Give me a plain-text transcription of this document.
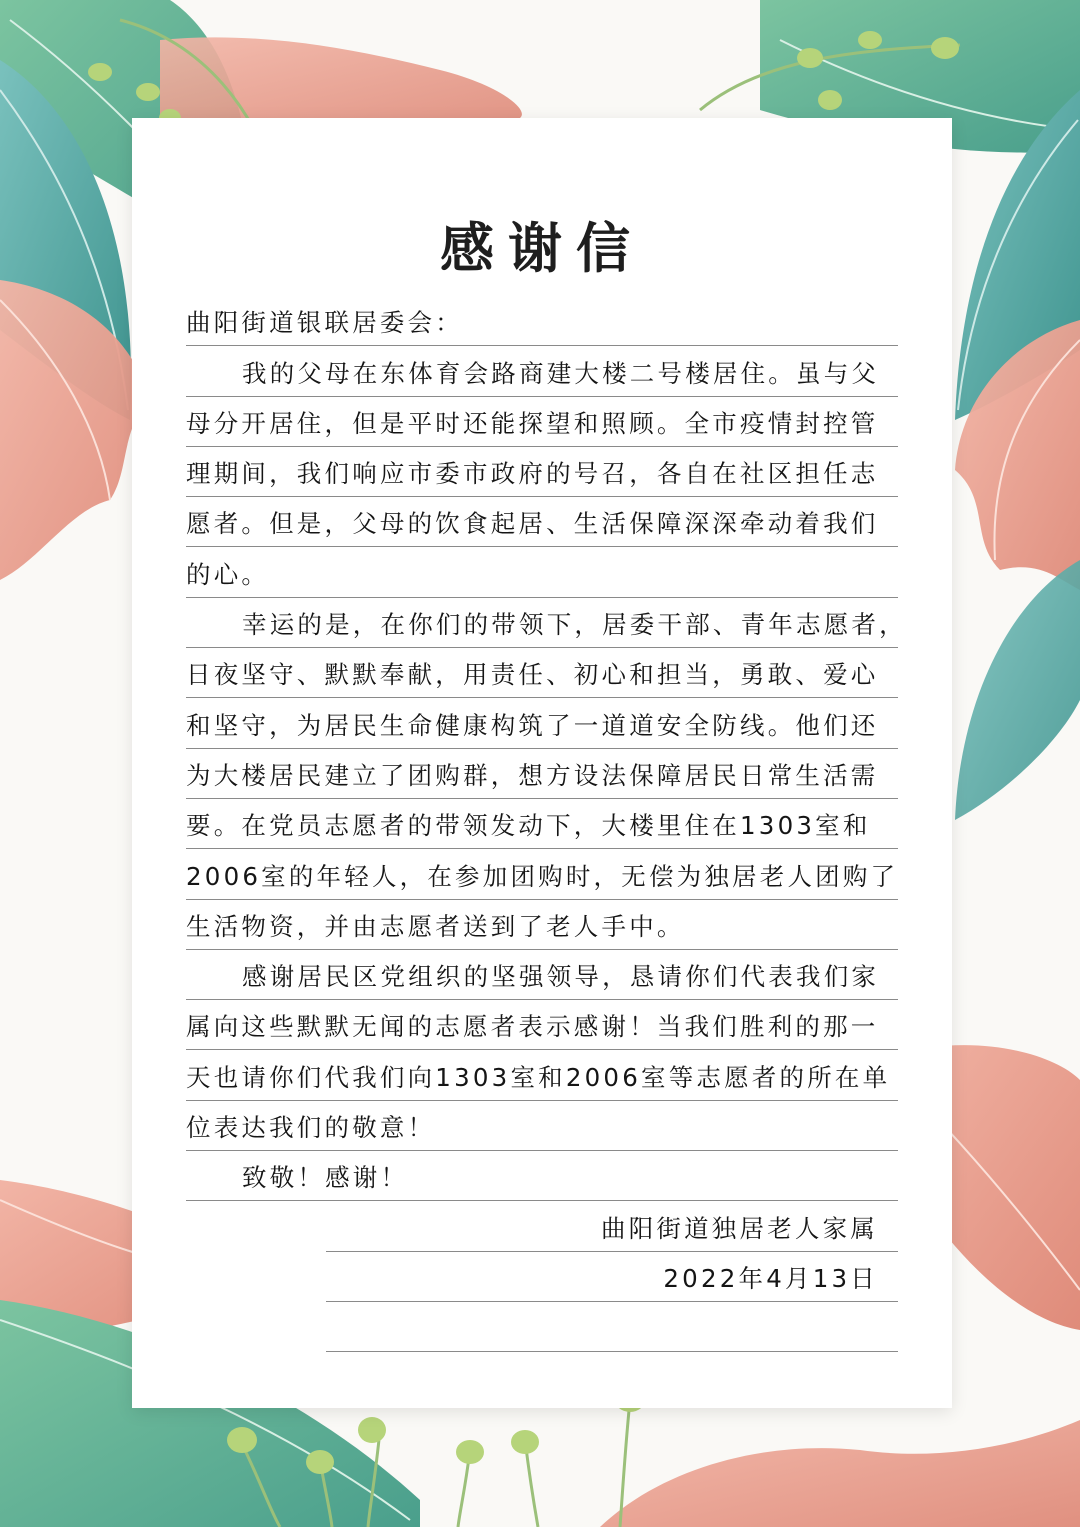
感谢信
曲阳街道银联居委会：
我的父母在东体育会路商建大楼二号楼居住。虽与父
母分开居住，但是平时还能探望和照顾。全市疫情封控管
理期间，我们响应市委市政府的号召，各自在社区担任志
愿者。但是，父母的饮食起居、生活保障深深牵动着我们
的心。
幸运的是，在你们的带领下，居委干部、青年志愿者，
日夜坚守、默默奉献，用责任、初心和担当，勇敢、爱心
和坚守，为居民生命健康构筑了一道道安全防线。他们还
为大楼居民建立了团购群，想方设法保障居民日常生活需
要。在党员志愿者的带领发动下，大楼里住在1303室和
2006室的年轻人，在参加团购时，无偿为独居老人团购了
生活物资，并由志愿者送到了老人手中。
感谢居民区党组织的坚强领导，恳请你们代表我们家
属向这些默默无闻的志愿者表示感谢！当我们胜利的那一
天也请你们代我们向1303室和2006室等志愿者的所在单
位表达我们的敬意！
致敬！感谢！
曲阳街道独居老人家属
2022年4月13日
